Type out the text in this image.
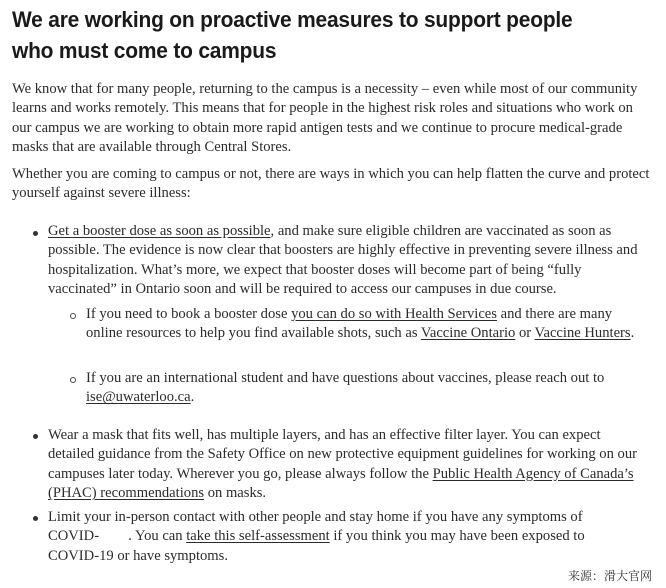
We are working on proactive measures to support people who must come to campus

We know that for many people, returning to the campus is a necessity – even while most of our community learns and works remotely. This means that for people in the highest risk roles and situations who work on our campus we are working to obtain more rapid antigen tests and we continue to procure medical-grade masks that are available through Central Stores.

Whether you are coming to campus or not, there are ways in which you can help flatten the curve and protect yourself against severe illness:

Get a booster dose as soon as possible, and make sure eligible children are vaccinated as soon as possible. The evidence is now clear that boosters are highly effective in preventing severe illness and hospitalization. What’s more, we expect that booster doses will become part of being “fully vaccinated” in Ontario soon and will be required to access our campuses in due course.

If you need to book a booster dose you can do so with Health Services and there are many online resources to help you find available shots, such as Vaccine Ontario or Vaccine Hunters.

If you are an international student and have questions about vaccines, please reach out to ise@uwaterloo.ca.

Wear a mask that fits well, has multiple layers, and has an effective filter layer. You can expect detailed guidance from the Safety Office on new protective equipment guidelines for working on our campuses later today. Wherever you go, please always follow the Public Health Agency of Canada’s (PHAC) recommendations on masks.

Limit your in-person contact with other people and stay home if you have any symptoms of COVID-  . You can take this self-assessment if you think you may have been exposed to COVID-19 or have symptoms.

来源：滑大官网
